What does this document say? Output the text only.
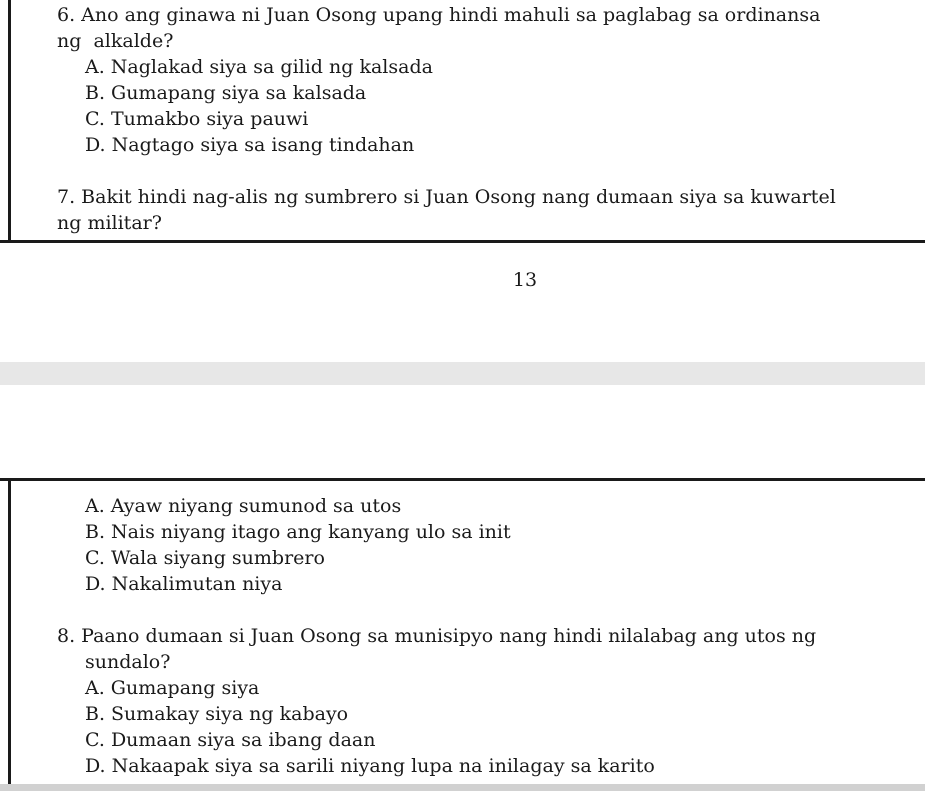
6. Ano ang ginawa ni Juan Osong upang hindi mahuli sa paglabag sa ordinansa
ng  alkalde?
A. Naglakad siya sa gilid ng kalsada
B. Gumapang siya sa kalsada
C. Tumakbo siya pauwi
D. Nagtago siya sa isang tindahan
7. Bakit hindi nag-alis ng sumbrero si Juan Osong nang dumaan siya sa kuwartel
ng militar?
13
A. Ayaw niyang sumunod sa utos
B. Nais niyang itago ang kanyang ulo sa init
C. Wala siyang sumbrero
D. Nakalimutan niya
8. Paano dumaan si Juan Osong sa munisipyo nang hindi nilalabag ang utos ng
sundalo?
A. Gumapang siya
B. Sumakay siya ng kabayo
C. Dumaan siya sa ibang daan
D. Nakaapak siya sa sarili niyang lupa na inilagay sa karito
